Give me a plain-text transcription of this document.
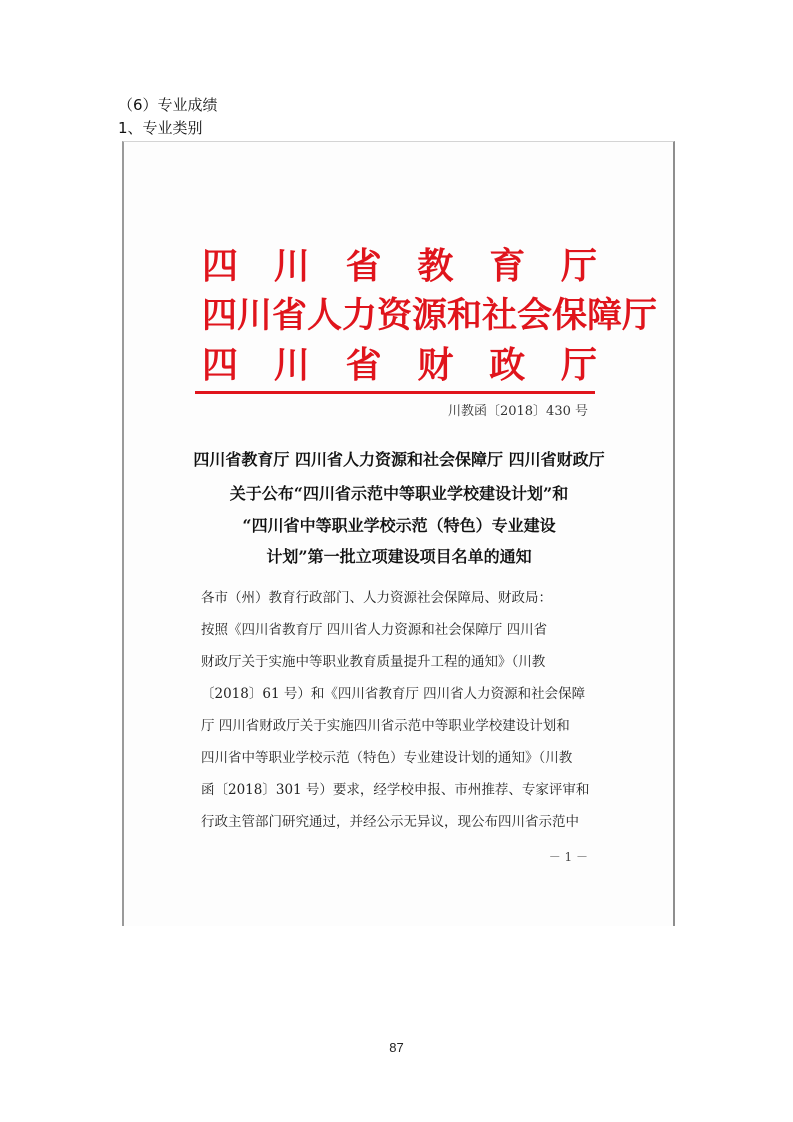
（6）专业成绩
1、专业类别
四 川 省 教 育 厅
四川省人力资源和社会保障厅
四 川 省 财 政 厅
川教函〔2018〕430 号
四川省教育厅 四川省人力资源和社会保障厅 四川省财政厅
关于公布“四川省示范中等职业学校建设计划”和
“四川省中等职业学校示范（特色）专业建设
计划”第一批立项建设项目名单的通知
各市（州）教育行政部门、人力资源社会保障局、财政局：
按照《四川省教育厅 四川省人力资源和社会保障厅 四川省
财政厅关于实施中等职业教育质量提升工程的通知》（川教
〔2018〕61 号）和《四川省教育厅 四川省人力资源和社会保障
厅 四川省财政厅关于实施四川省示范中等职业学校建设计划和
四川省中等职业学校示范（特色）专业建设计划的通知》（川教
函〔2018〕301 号）要求，经学校申报、市州推荐、专家评审和
行政主管部门研究通过，并经公示无异议，现公布四川省示范中
－ 1 －
87
